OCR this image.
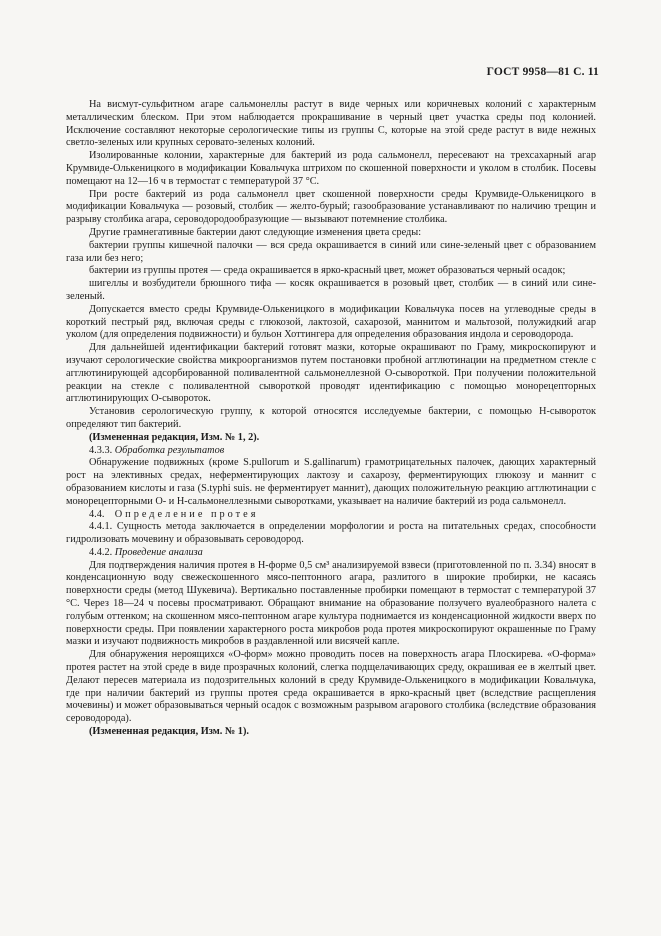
ГОСТ 9958—81 С. 11

На висмут-сульфитном агаре сальмонеллы растут в виде черных или коричневых колоний с характерным металлическим блеском. При этом наблюдается прокрашивание в черный цвет участка среды под колонией. Исключение составляют некоторые серологические типы из группы С, которые на этой среде растут в виде нежных светло-зеленых или крупных серовато-зеленых колоний.

Изолированные колонии, характерные для бактерий из рода сальмонелл, пересевают на трехсахарный агар Крумвиде-Олькеницкого в модификации Ковальчука штрихом по скошенной поверхности и уколом в столбик. Посевы помещают на 12—16 ч в термостат с температурой 37 °С.

При росте бактерий из рода сальмонелл цвет скошенной поверхности среды Крумвиде-Олькеницкого в модификации Ковальчука — розовый, столбик — желто-бурый; газообразование устанавливают по наличию трещин и разрыву столбика агара, сероводородообразующие — вызывают потемнение столбика.

Другие грамнегативные бактерии дают следующие изменения цвета среды:

бактерии группы кишечной палочки — вся среда окрашивается в синий или сине-зеленый цвет с образованием газа или без него;

бактерии из группы протея — среда окрашивается в ярко-красный цвет, может образоваться черный осадок;

шигеллы и возбудители брюшного тифа — косяк окрашивается в розовый цвет, столбик — в синий или сине-зеленый.

Допускается вместо среды Крумвиде-Олькеницкого в модификации Ковальчука посев на углеводные среды в короткий пестрый ряд, включая среды с глюкозой, лактозой, сахарозой, маннитом и мальтозой, полужидкий агар уколом (для определения подвижности) и бульон Хоттингера для определения образования индола и сероводорода.

Для дальнейшей идентификации бактерий готовят мазки, которые окрашивают по Граму, микроскопируют и изучают серологические свойства микроорганизмов путем постановки пробной агглютинации на предметном стекле с агглютинирующей адсорбированной поливалентной сальмонеллезной О-сывороткой. При получении положительной реакции на стекле с поливалентной сывороткой проводят идентификацию с помощью монорецепторных агглютинирующих О-сывороток.

Установив серологическую группу, к которой относятся исследуемые бактерии, с помощью Н-сывороток определяют тип бактерий.

(Измененная редакция, Изм. № 1, 2).

4.3.3. Обработка результатов

Обнаружение подвижных (кроме S.pullorum и S.gallinarum) грамотрицательных палочек, дающих характерный рост на элективных средах, неферментирующих лактозу и сахарозу, ферментирующих глюкозу и маннит с образованием кислоты и газа (S.typhi suis. не ферментирует маннит), дающих положительную реакцию агглютинации с монорецепторными О- и Н-сальмонеллезными сыворотками, указывает на наличие бактерий из рода сальмонелл.

4.4. Определение протея

4.4.1. Сущность метода заключается в определении морфологии и роста на питательных средах, способности гидролизовать мочевину и образовывать сероводород.

4.4.2. Проведение анализа

Для подтверждения наличия протея в Н-форме 0,5 см³ анализируемой взвеси (приготовленной по п. 3.34) вносят в конденсационную воду свежескошенного мясо-пептонного агара, разлитого в широкие пробирки, не касаясь поверхности среды (метод Шукевича). Вертикально поставленные пробирки помещают в термостат с температурой 37 °С. Через 18—24 ч посевы просматривают. Обращают внимание на образование ползучего вуалеобразного налета с голубым оттенком; на скошенном мясо-пептонном агаре культура поднимается из конденсационной жидкости вверх по поверхности среды. При появлении характерного роста микробов рода протея микроскопируют окрашенные по Граму мазки и изучают подвижность микробов в раздавленной или висячей капле.

Для обнаружения нероящихся «О-форм» можно проводить посев на поверхность агара Плоскирева. «О-форма» протея растет на этой среде в виде прозрачных колоний, слегка подщелачивающих среду, окрашивая ее в желтый цвет. Делают пересев материала из подозрительных колоний в среду Крумвиде-Олькеницкого в модификации Ковальчука, где при наличии бактерий из группы протея среда окрашивается в ярко-красный цвет (вследствие расщепления мочевины) и может образовываться черный осадок с возможным разрывом агарового столбика (вследствие образования сероводорода).

(Измененная редакция, Изм. № 1).
